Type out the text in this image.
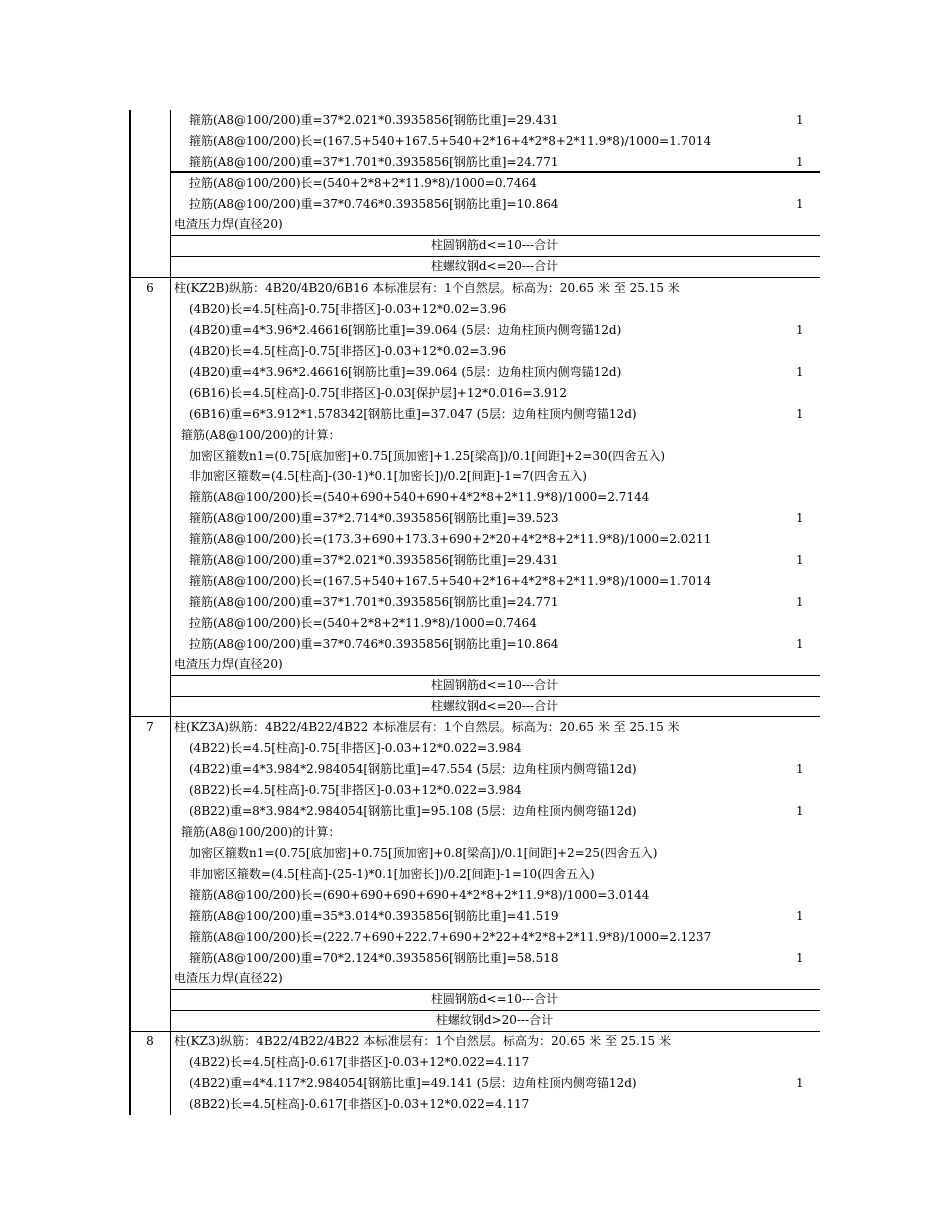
箍筋(A8@100/200)重=37*2.021*0.3935856[钢筋比重]=29.431	1
箍筋(A8@100/200)长=(167.5+540+167.5+540+2*16+4*2*8+2*11.9*8)/1000=1.7014
箍筋(A8@100/200)重=37*1.701*0.3935856[钢筋比重]=24.771	1
拉筋(A8@100/200)长=(540+2*8+2*11.9*8)/1000=0.7464
拉筋(A8@100/200)重=37*0.746*0.3935856[钢筋比重]=10.864	1
电渣压力焊(直径20)
柱圆钢筋d<=10---合计
柱螺纹钢d<=20---合计
6	柱(KZ2B)纵筋：4B20/4B20/6B16 本标准层有：1个自然层。标高为：20.65 米 至 25.15 米
(4B20)长=4.5[柱高]-0.75[非搭区]-0.03+12*0.02=3.96
(4B20)重=4*3.96*2.46616[钢筋比重]=39.064 (5层：边角柱顶内侧弯锚12d)	1
(4B20)长=4.5[柱高]-0.75[非搭区]-0.03+12*0.02=3.96
(4B20)重=4*3.96*2.46616[钢筋比重]=39.064 (5层：边角柱顶内侧弯锚12d)	1
(6B16)长=4.5[柱高]-0.75[非搭区]-0.03[保护层]+12*0.016=3.912
(6B16)重=6*3.912*1.578342[钢筋比重]=37.047 (5层：边角柱顶内侧弯锚12d)	1
箍筋(A8@100/200)的计算：
加密区箍数n1=(0.75[底加密]+0.75[顶加密]+1.25[梁高])/0.1[间距]+2=30(四舍五入)
非加密区箍数=(4.5[柱高]-(30-1)*0.1[加密长])/0.2[间距]-1=7(四舍五入)
箍筋(A8@100/200)长=(540+690+540+690+4*2*8+2*11.9*8)/1000=2.7144
箍筋(A8@100/200)重=37*2.714*0.3935856[钢筋比重]=39.523	1
箍筋(A8@100/200)长=(173.3+690+173.3+690+2*20+4*2*8+2*11.9*8)/1000=2.0211
箍筋(A8@100/200)重=37*2.021*0.3935856[钢筋比重]=29.431	1
箍筋(A8@100/200)长=(167.5+540+167.5+540+2*16+4*2*8+2*11.9*8)/1000=1.7014
箍筋(A8@100/200)重=37*1.701*0.3935856[钢筋比重]=24.771	1
拉筋(A8@100/200)长=(540+2*8+2*11.9*8)/1000=0.7464
拉筋(A8@100/200)重=37*0.746*0.3935856[钢筋比重]=10.864	1
电渣压力焊(直径20)
柱圆钢筋d<=10---合计
柱螺纹钢d<=20---合计
7	柱(KZ3A)纵筋：4B22/4B22/4B22 本标准层有：1个自然层。标高为：20.65 米 至 25.15 米
(4B22)长=4.5[柱高]-0.75[非搭区]-0.03+12*0.022=3.984
(4B22)重=4*3.984*2.984054[钢筋比重]=47.554 (5层：边角柱顶内侧弯锚12d)	1
(8B22)长=4.5[柱高]-0.75[非搭区]-0.03+12*0.022=3.984
(8B22)重=8*3.984*2.984054[钢筋比重]=95.108 (5层：边角柱顶内侧弯锚12d)	1
箍筋(A8@100/200)的计算：
加密区箍数n1=(0.75[底加密]+0.75[顶加密]+0.8[梁高])/0.1[间距]+2=25(四舍五入)
非加密区箍数=(4.5[柱高]-(25-1)*0.1[加密长])/0.2[间距]-1=10(四舍五入)
箍筋(A8@100/200)长=(690+690+690+690+4*2*8+2*11.9*8)/1000=3.0144
箍筋(A8@100/200)重=35*3.014*0.3935856[钢筋比重]=41.519	1
箍筋(A8@100/200)长=(222.7+690+222.7+690+2*22+4*2*8+2*11.9*8)/1000=2.1237
箍筋(A8@100/200)重=70*2.124*0.3935856[钢筋比重]=58.518	1
电渣压力焊(直径22)
柱圆钢筋d<=10---合计
柱螺纹钢d>20---合计
8	柱(KZ3)纵筋：4B22/4B22/4B22 本标准层有：1个自然层。标高为：20.65 米 至 25.15 米
(4B22)长=4.5[柱高]-0.617[非搭区]-0.03+12*0.022=4.117
(4B22)重=4*4.117*2.984054[钢筋比重]=49.141 (5层：边角柱顶内侧弯锚12d)	1
(8B22)长=4.5[柱高]-0.617[非搭区]-0.03+12*0.022=4.117
